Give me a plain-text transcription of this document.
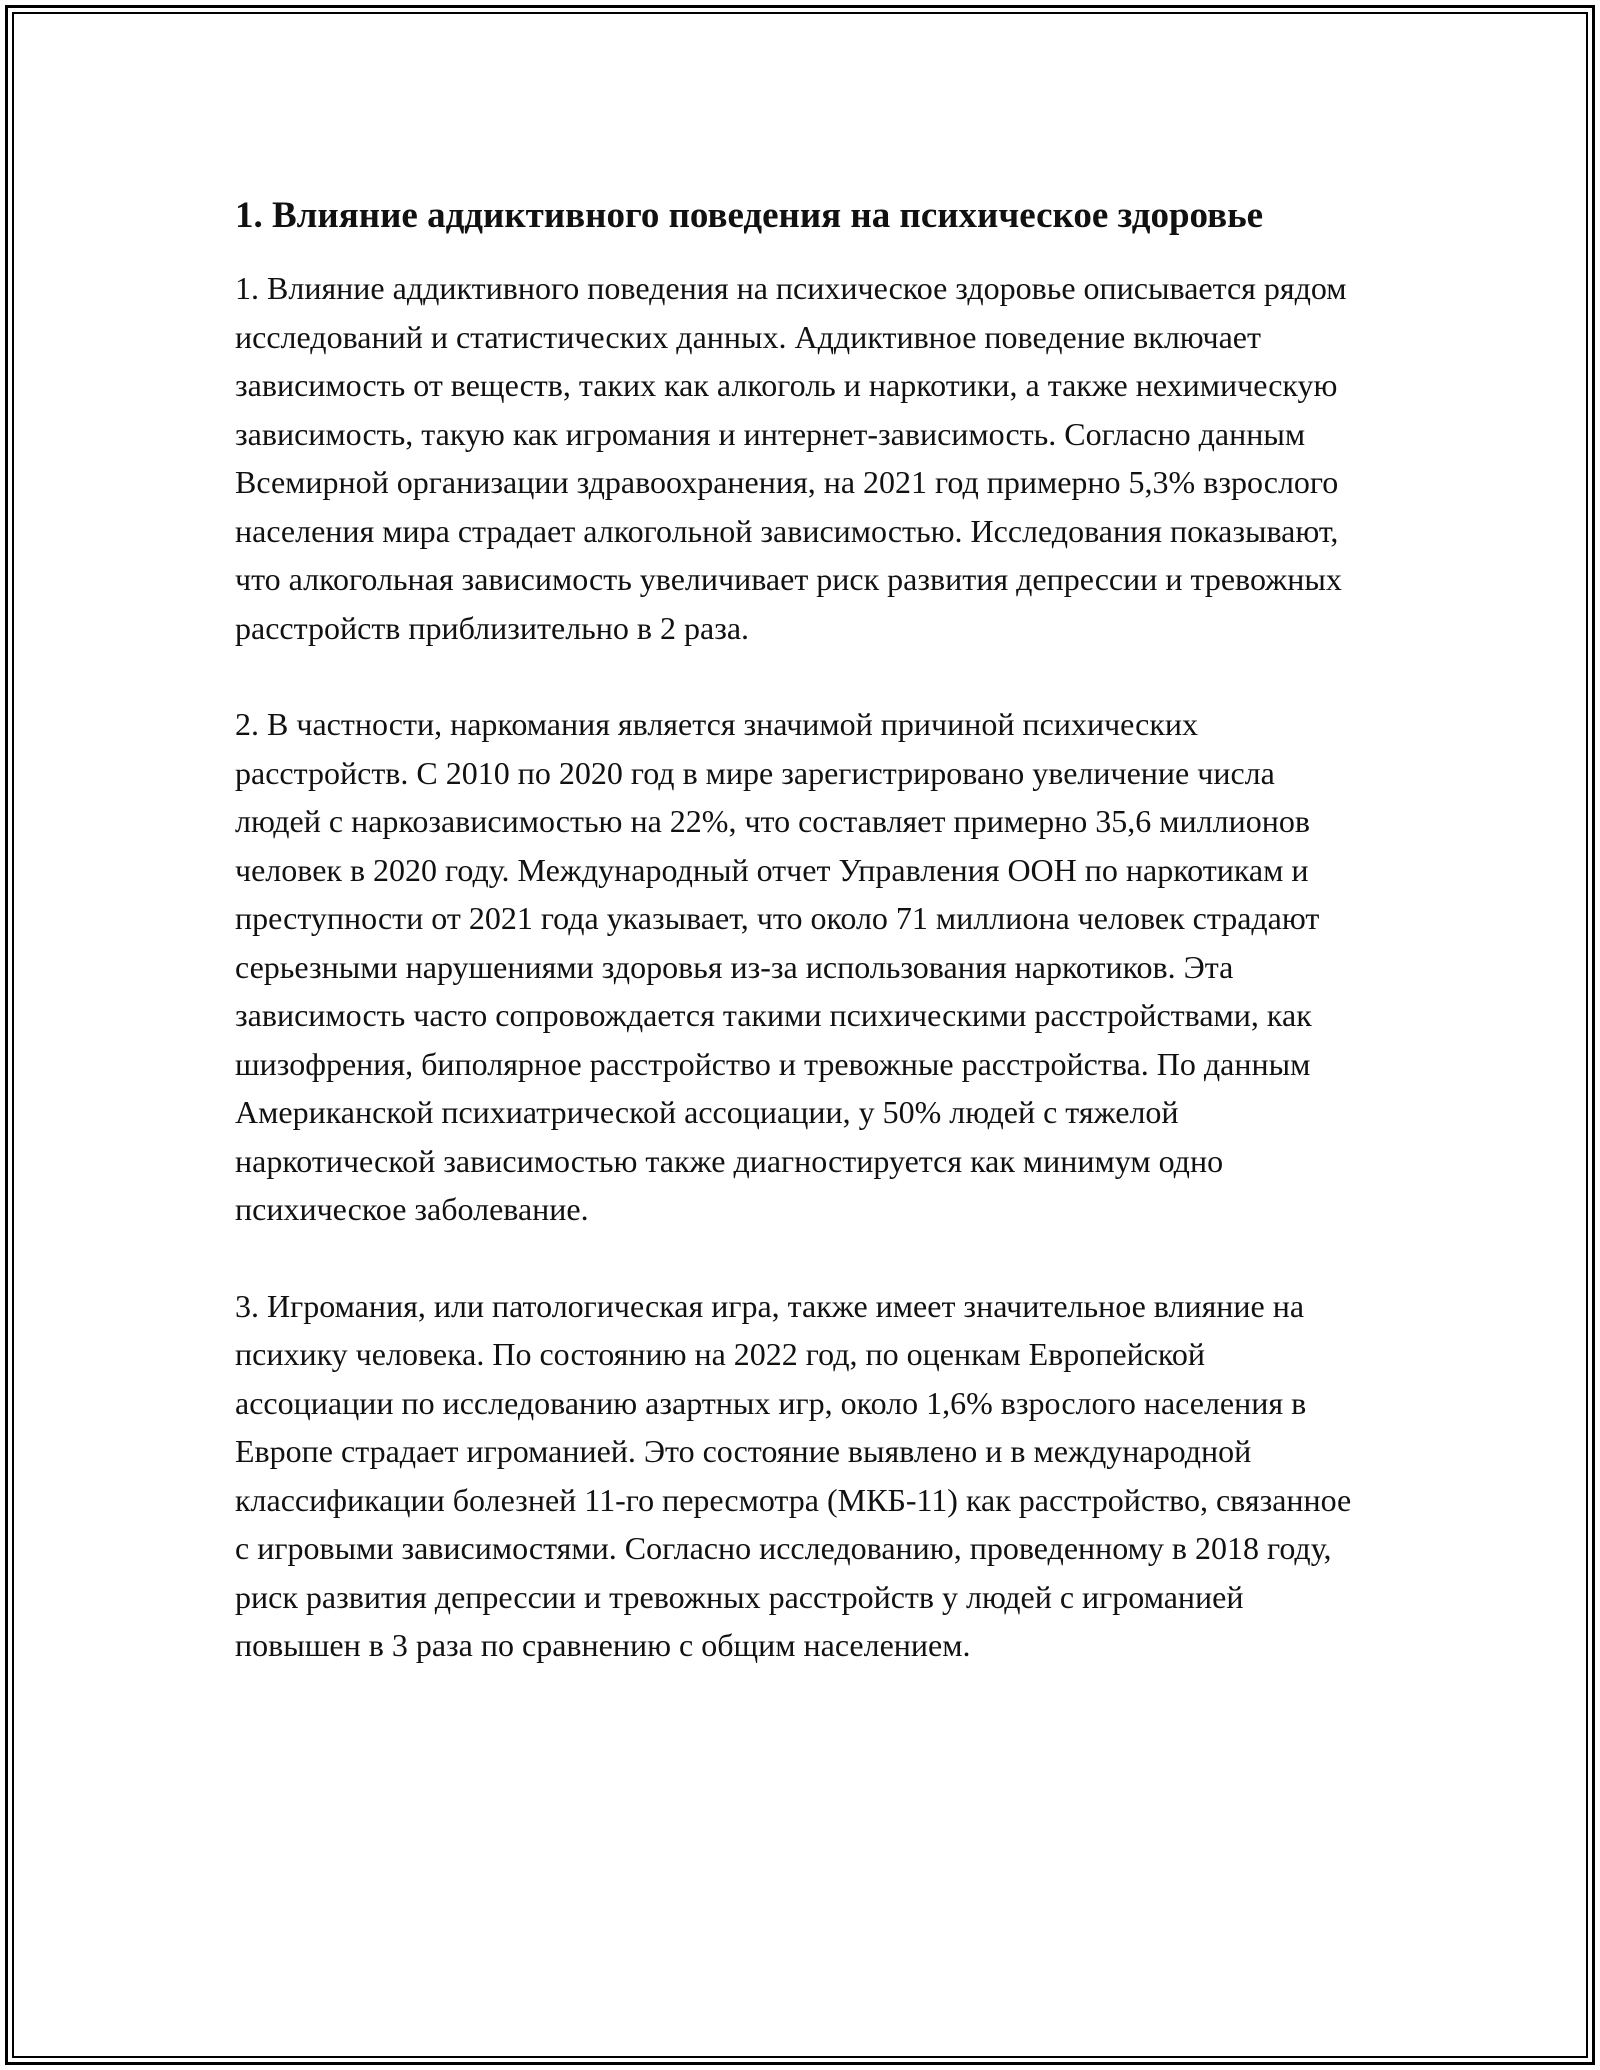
1. Влияние аддиктивного поведения на психическое здоровье

1. Влияние аддиктивного поведения на психическое здоровье описывается рядом исследований и статистических данных. Аддиктивное поведение включает зависимость от веществ, таких как алкоголь и наркотики, а также нехимическую зависимость, такую как игромания и интернет-зависимость. Согласно данным Всемирной организации здравоохранения, на 2021 год примерно 5,3% взрослого населения мира страдает алкогольной зависимостью. Исследования показывают, что алкогольная зависимость увеличивает риск развития депрессии и тревожных расстройств приблизительно в 2 раза.

2. В частности, наркомания является значимой причиной психических расстройств. С 2010 по 2020 год в мире зарегистрировано увеличение числа людей с наркозависимостью на 22%, что составляет примерно 35,6 миллионов человек в 2020 году. Международный отчет Управления ООН по наркотикам и преступности от 2021 года указывает, что около 71 миллиона человек страдают серьезными нарушениями здоровья из-за использования наркотиков. Эта зависимость часто сопровождается такими психическими расстройствами, как шизофрения, биполярное расстройство и тревожные расстройства. По данным Американской психиатрической ассоциации, у 50% людей с тяжелой наркотической зависимостью также диагностируется как минимум одно психическое заболевание.

3. Игромания, или патологическая игра, также имеет значительное влияние на психику человека. По состоянию на 2022 год, по оценкам Европейской ассоциации по исследованию азартных игр, около 1,6% взрослого населения в Европе страдает игроманией. Это состояние выявлено и в международной классификации болезней 11-го пересмотра (МКБ-11) как расстройство, связанное с игровыми зависимостями. Согласно исследованию, проведенному в 2018 году, риск развития депрессии и тревожных расстройств у людей с игроманией повышен в 3 раза по сравнению с общим населением.
